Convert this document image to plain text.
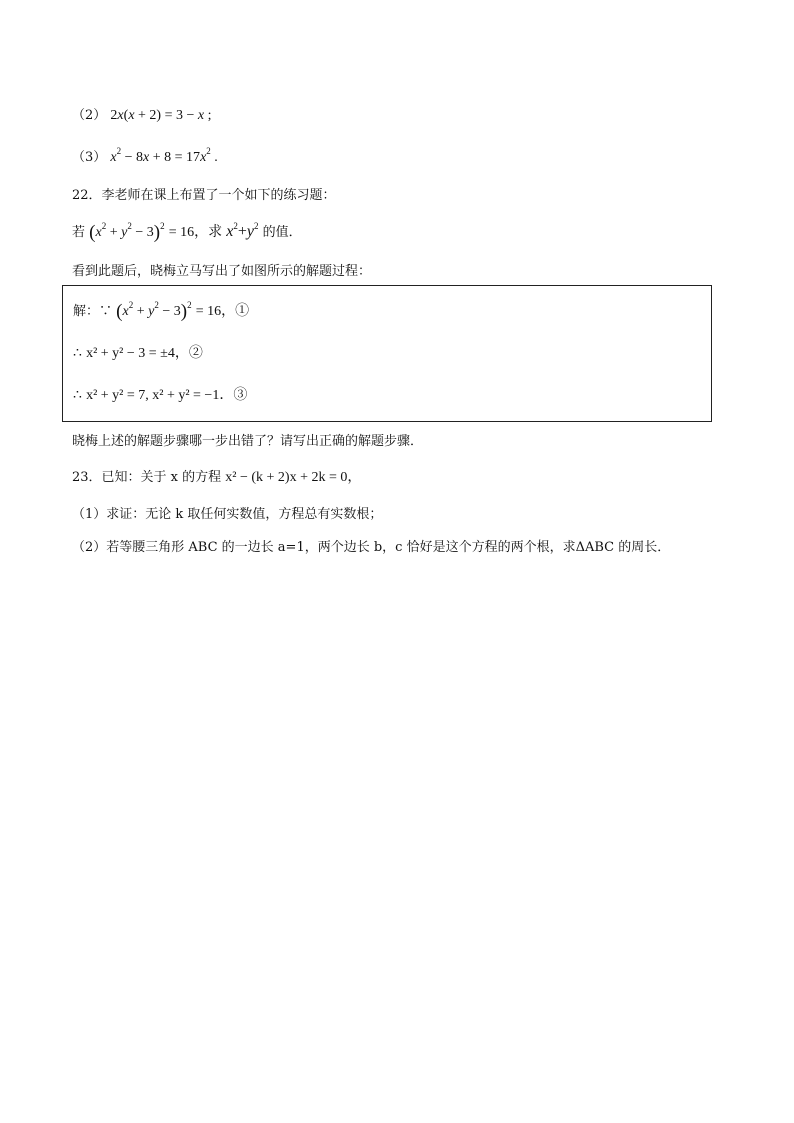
（2） 2x(x + 2) = 3 − x ;
（3） $x^2 - 8x + 8 = 17x^2$ .
22．李老师在课上布置了一个如下的练习题：
若 $(x^2 + y^2 - 3)^2 = 16$，求 $x^2+y^2$ 的值．
看到此题后，晓梅立马写出了如图所示的解题过程：
解：∵ $(x^2 + y^2 - 3)^2 = 16$，①
∴ x² + y² − 3 = ±4，②
∴ x² + y² = 7, x² + y² = −1．③
晓梅上述的解题步骤哪一步出错了？请写出正确的解题步骤．
23．已知：关于 x 的方程 x² − (k + 2)x + 2k = 0，
（1）求证：无论 k 取任何实数值，方程总有实数根；
（2）若等腰三角形 ABC 的一边长 a=1，两个边长 b，c 恰好是这个方程的两个根，求ΔABC 的周长．
